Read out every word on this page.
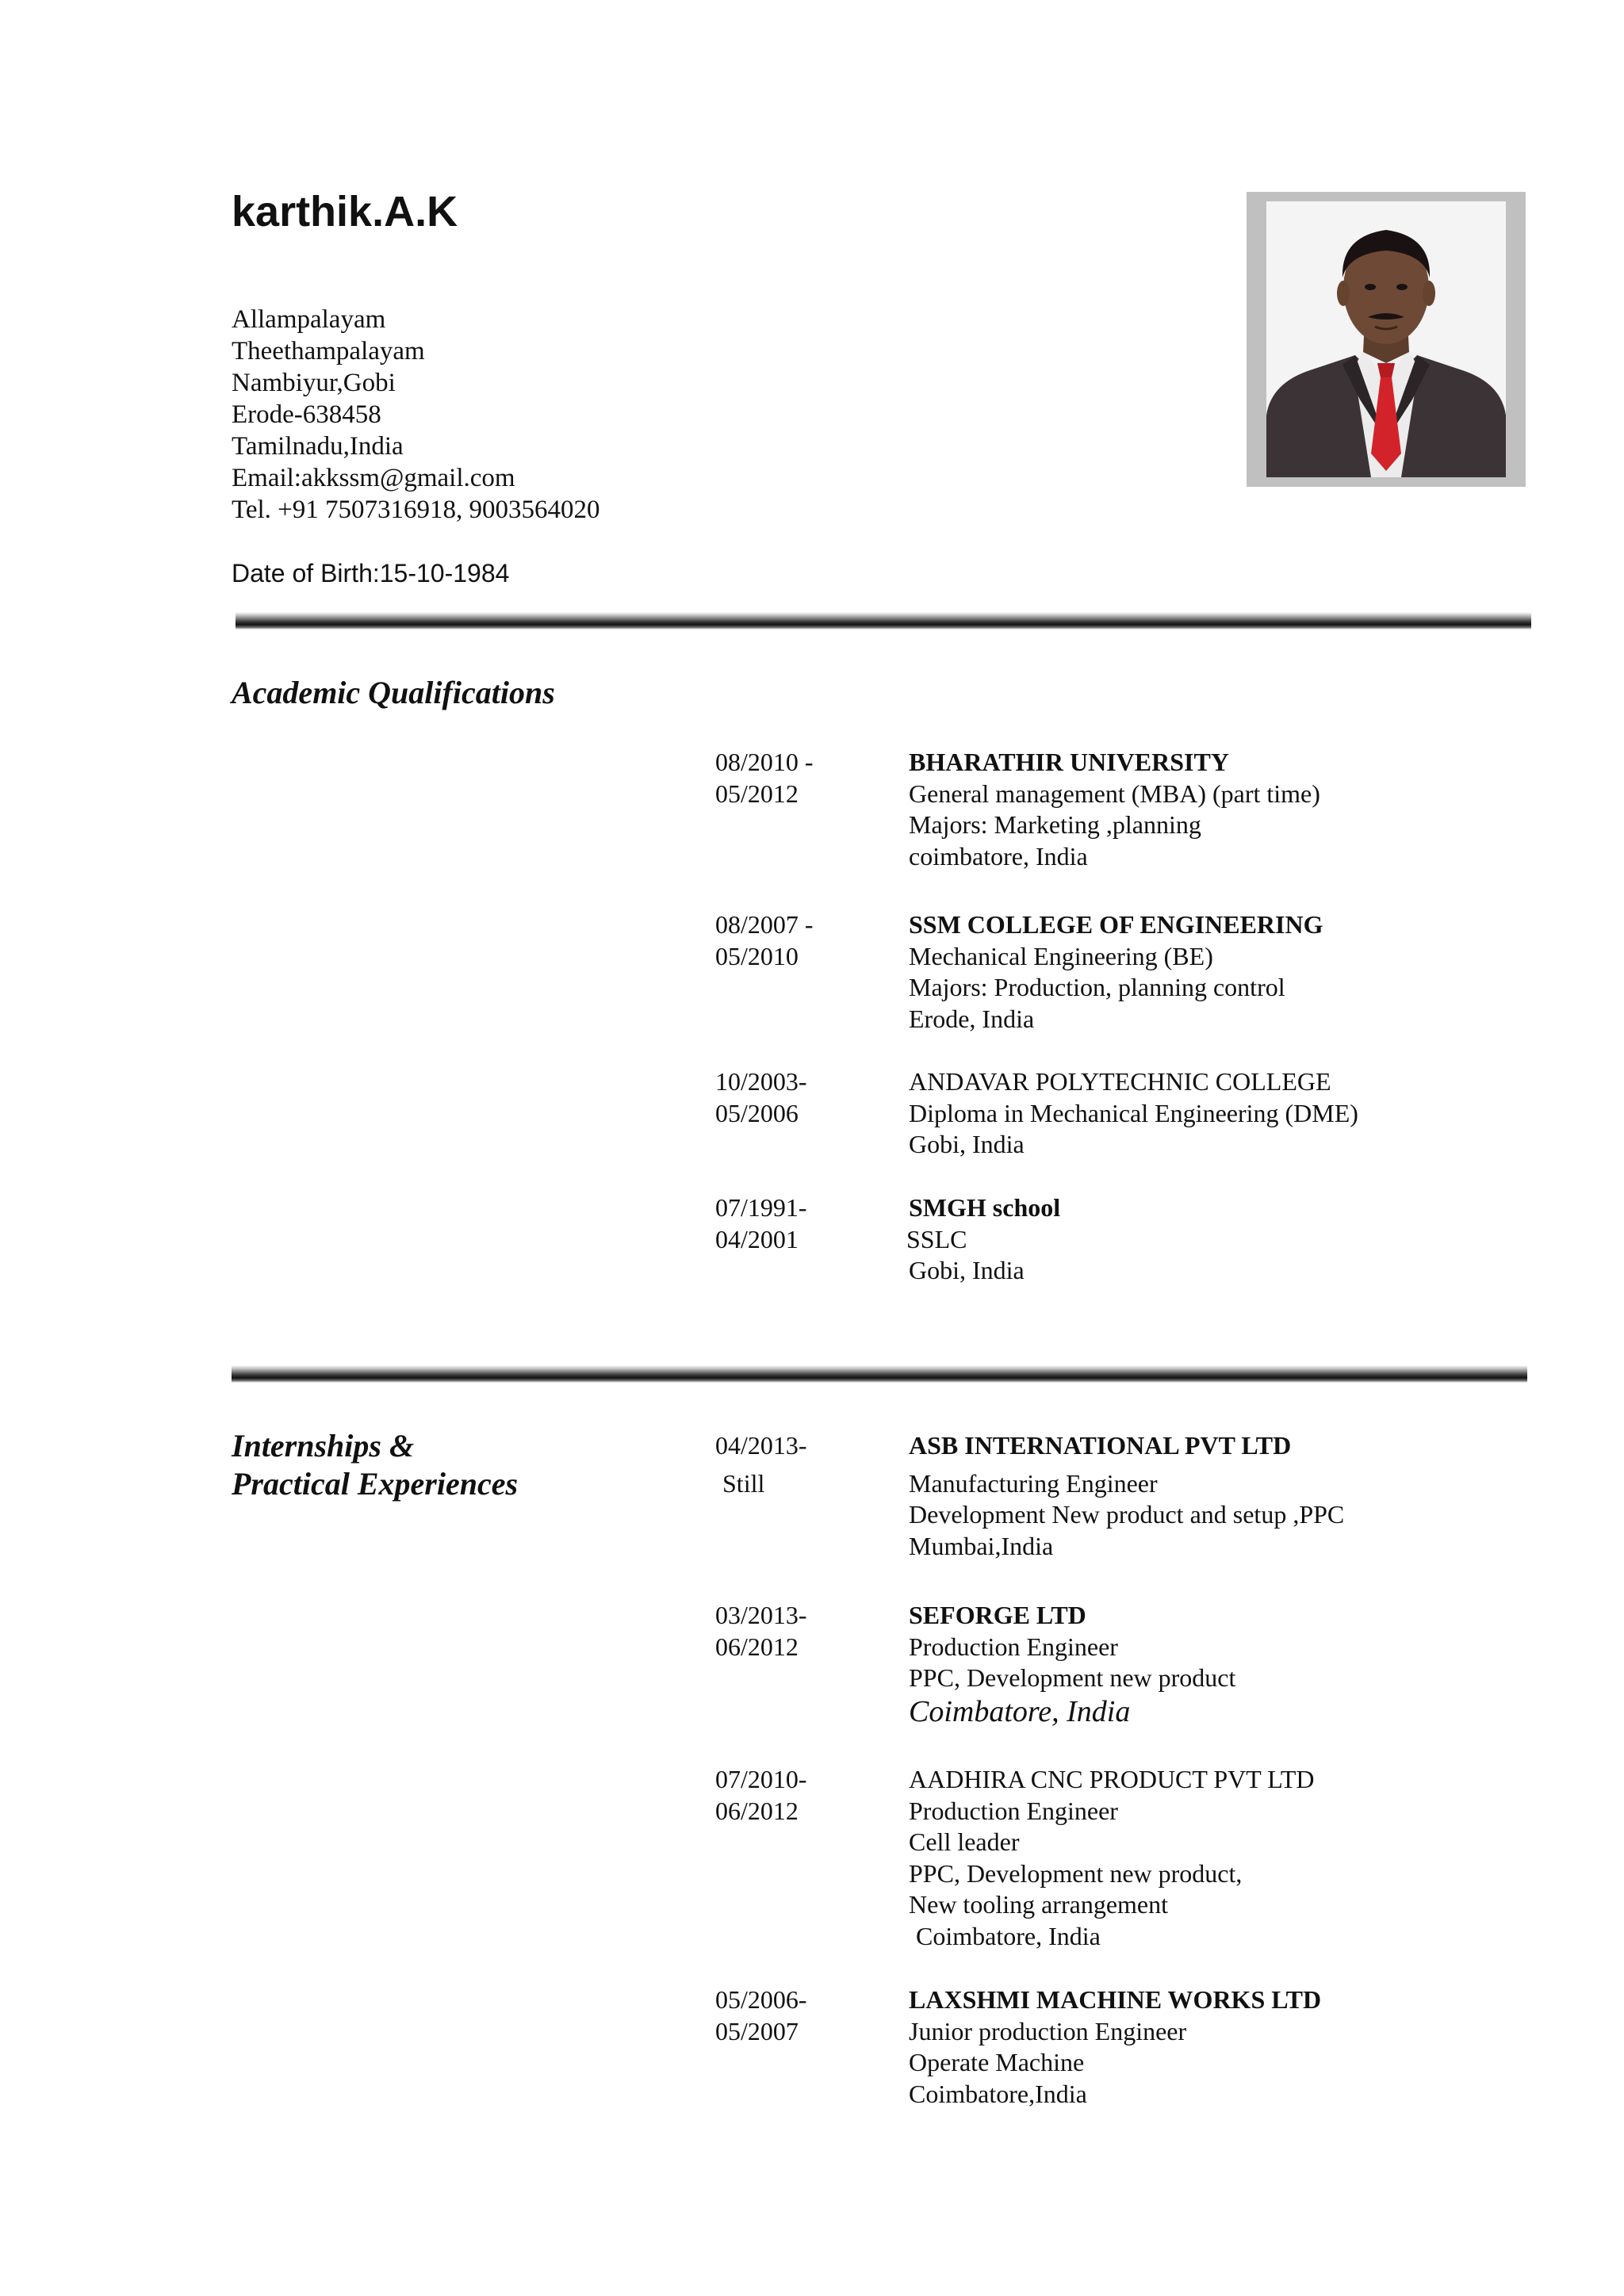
karthik.A.K
Allampalayam
Theethampalayam
Nambiyur,Gobi
Erode-638458
Tamilnadu,India
Email:akkssm@gmail.com
Tel. +91 7507316918, 9003564020
Date of Birth:15-10-1984
Academic Qualifications
08/2010 -
05/2012
BHARATHIR UNIVERSITY
General management (MBA) (part time)
Majors: Marketing ,planning
coimbatore, India
08/2007 -
05/2010
SSM COLLEGE OF ENGINEERING
Mechanical Engineering (BE)
Majors: Production, planning control
Erode, India
10/2003-
05/2006
ANDAVAR POLYTECHNIC COLLEGE
Diploma in Mechanical Engineering (DME)
Gobi, India
07/1991-
04/2001
SMGH school
SSLC
Gobi, India
Internships &
Practical Experiences
04/2013-
Still
ASB INTERNATIONAL PVT LTD
Manufacturing Engineer
Development New product and setup ,PPC
Mumbai,India
03/2013-
06/2012
SEFORGE LTD
Production Engineer
PPC, Development new product
Coimbatore, India
07/2010-
06/2012
AADHIRA CNC PRODUCT PVT LTD
Production Engineer
Cell leader
PPC, Development new product,
New tooling arrangement
Coimbatore, India
05/2006-
05/2007
LAXSHMI MACHINE WORKS LTD
Junior production Engineer
Operate Machine
Coimbatore,India
